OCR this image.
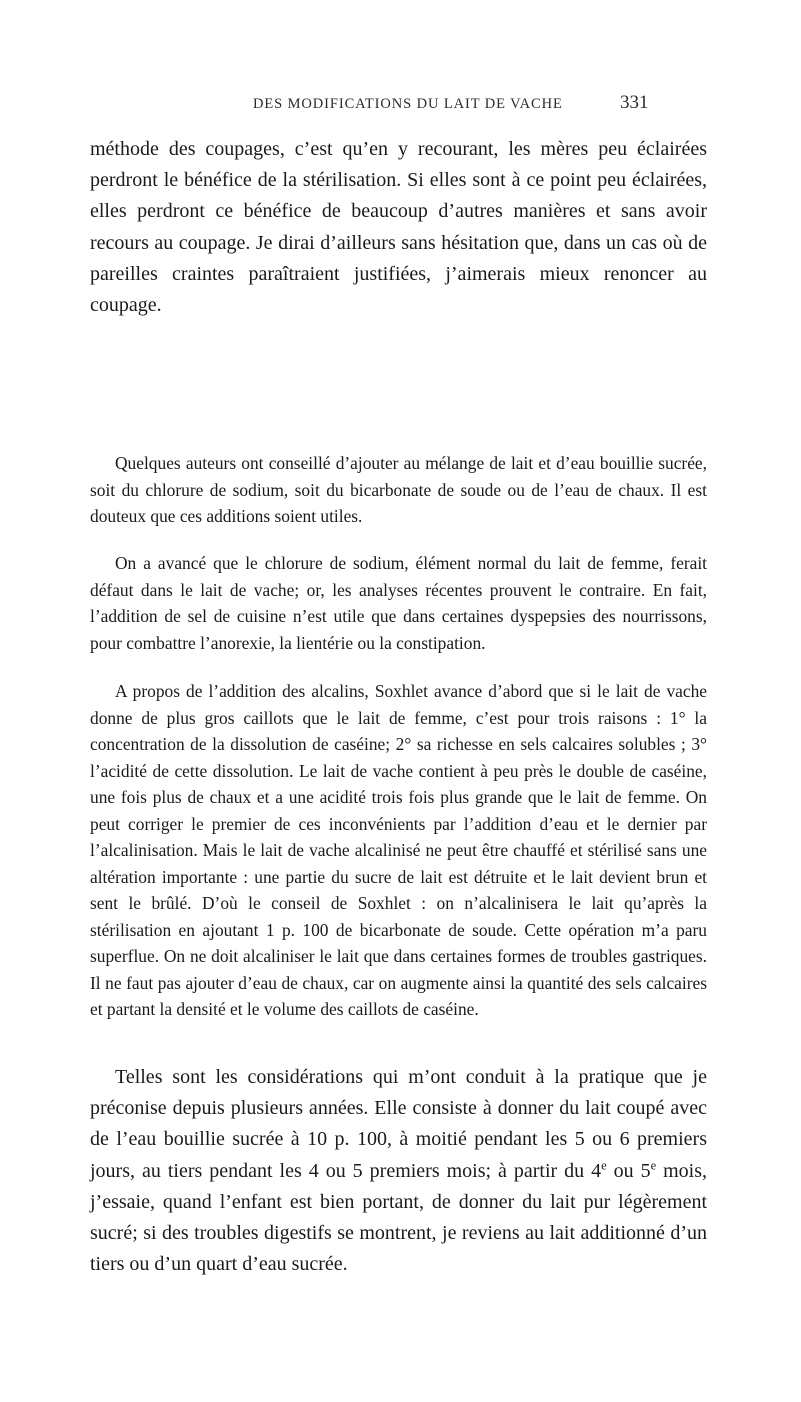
DES MODIFICATIONS DU LAIT DE VACHE	331

méthode des coupages, c’est qu’en y recourant, les mères peu éclairées perdront le bénéfice de la stérilisation. Si elles sont à ce point peu éclairées, elles perdront ce bénéfice de beaucoup d’autres manières et sans avoir recours au coupage. Je dirai d’ailleurs sans hésitation que, dans un cas où de pareilles craintes paraîtraient justifiées, j’aimerais mieux renoncer au coupage.

Quelques auteurs ont conseillé d’ajouter au mélange de lait et d’eau bouillie sucrée, soit du chlorure de sodium, soit du bicarbonate de soude ou de l’eau de chaux. Il est douteux que ces additions soient utiles.

On a avancé que le chlorure de sodium, élément normal du lait de femme, ferait défaut dans le lait de vache; or, les analyses récentes prouvent le contraire. En fait, l’addition de sel de cuisine n’est utile que dans certaines dyspepsies des nourrissons, pour combattre l’anorexie, la lientérie ou la constipation.

A propos de l’addition des alcalins, Soxhlet avance d’abord que si le lait de vache donne de plus gros caillots que le lait de femme, c’est pour trois raisons : 1° la concentration de la dissolution de caséine; 2° sa richesse en sels calcaires solubles ; 3° l’acidité de cette dissolution. Le lait de vache contient à peu près le double de caséine, une fois plus de chaux et a une acidité trois fois plus grande que le lait de femme. On peut corriger le premier de ces inconvénients par l’addition d’eau et le dernier par l’alcalinisation. Mais le lait de vache alcalinisé ne peut être chauffé et stérilisé sans une altération importante : une partie du sucre de lait est détruite et le lait devient brun et sent le brûlé. D’où le conseil de Soxhlet : on n’alcalinisera le lait qu’après la stérilisation en ajoutant 1 p. 100 de bicarbonate de soude. Cette opération m’a paru superflue. On ne doit alcaliniser le lait que dans certaines formes de troubles gastriques. Il ne faut pas ajouter d’eau de chaux, car on augmente ainsi la quantité des sels calcaires et partant la densité et le volume des caillots de caséine.

Telles sont les considérations qui m’ont conduit à la pratique que je préconise depuis plusieurs années. Elle consiste à donner du lait coupé avec de l’eau bouillie sucrée à 10 p. 100, à moitié pendant les 5 ou 6 premiers jours, au tiers pendant les 4 ou 5 premiers mois; à partir du 4e ou 5e mois, j’essaie, quand l’enfant est bien portant, de donner du lait pur légèrement sucré; si des troubles digestifs se montrent, je reviens au lait additionné d’un tiers ou d’un quart d’eau sucrée.
